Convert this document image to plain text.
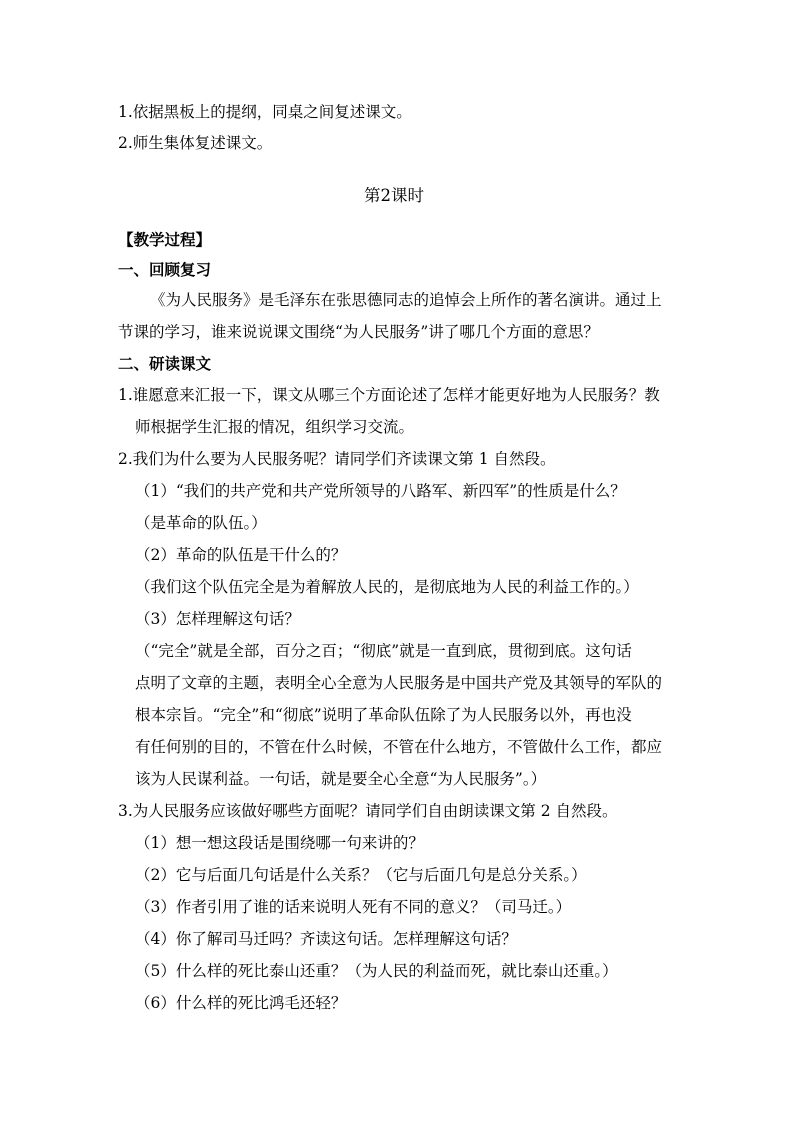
1.依据黑板上的提纲，同桌之间复述课文。
2.师生集体复述课文。
第2课时
【教学过程】
一、回顾复习
《为人民服务》是毛泽东在张思德同志的追悼会上所作的著名演讲。通过上
节课的学习，谁来说说课文围绕“为人民服务”讲了哪几个方面的意思？
二、研读课文
1.谁愿意来汇报一下，课文从哪三个方面论述了怎样才能更好地为人民服务？教
师根据学生汇报的情况，组织学习交流。
2.我们为什么要为人民服务呢？请同学们齐读课文第 1 自然段。
（1）“我们的共产党和共产党所领导的八路军、新四军”的性质是什么？
（是革命的队伍。）
（2）革命的队伍是干什么的？
（我们这个队伍完全是为着解放人民的，是彻底地为人民的利益工作的。）
（3）怎样理解这句话？
（“完全”就是全部，百分之百；“彻底”就是一直到底，贯彻到底。这句话
点明了文章的主题，表明全心全意为人民服务是中国共产党及其领导的军队的
根本宗旨。“完全”和“彻底”说明了革命队伍除了为人民服务以外，再也没
有任何别的目的，不管在什么时候，不管在什么地方，不管做什么工作，都应
该为人民谋利益。一句话，就是要全心全意“为人民服务”。）
3.为人民服务应该做好哪些方面呢？请同学们自由朗读课文第 2 自然段。
（1）想一想这段话是围绕哪一句来讲的？
（2）它与后面几句话是什么关系？（它与后面几句是总分关系。）
（3）作者引用了谁的话来说明人死有不同的意义？（司马迁。）
（4）你了解司马迁吗？齐读这句话。怎样理解这句话？
（5）什么样的死比泰山还重？（为人民的利益而死，就比泰山还重。）
（6）什么样的死比鸿毛还轻？
